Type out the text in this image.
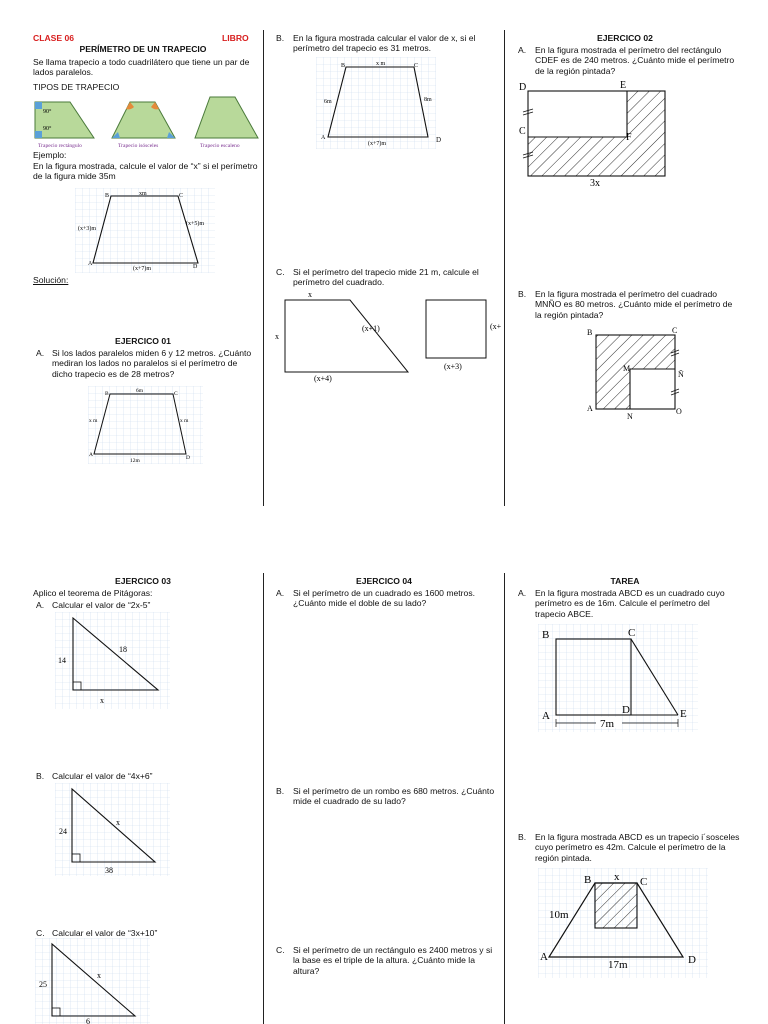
CLASE 06	LIBRO
PERÍMETRO DE UN TRAPECIO
Se llama trapecio a todo cuadrilátero que tiene un par de lados paralelos.
TIPOS DE TRAPECIO
90°
90°
Trapecio rectángulo	Trapecio isósceles	Trapecio escaleno
Ejemplo:
En la figura mostrada, calcule el valor de “x” si el perímetro de la figura mide 35m
B	C
A	D
xm
(x+3)m
(x+5)m
(x+7)m
Solución:
EJERCICO 01
A. Si los lados paralelos miden 6 y 12 metros. ¿Cuánto mediran los lados no paralelos si el perímetro de dicho trapecio es de 28 metros?
B	C
A	D
6m
x m	x m
12m
B. En la figura mostrada calcular el valor de x, si el perímetro del trapecio es 31 metros.
B	C
A
x m
6m	8m
(x+7)m	D
C. Si el perímetro del trapecio mide 21 m, calcule el perímetro del cuadrado.
x
x
(x+1)
(x+4)
(x+3)
(x+
EJERCICO 02
A. En la figura mostrada el perímetro del rectángulo CDEF es de 240 metros. ¿Cuánto mide el perímetro de la región pintada?
D	E
C
F
3x
B. En la figura mostrada el perímetro del cuadrado MNÑO es 80 metros. ¿Cuánto mide el perímetro de la región pintada?
B	C
M
Ñ
A
N
O
EJERCICO 03
Aplico el teorema de Pitágoras:
A. Calcular el valor de “2x-5”
14
18
x
B. Calcular el valor de “4x+6”
24
x
38
C. Calcular el valor de “3x+10”
25
x
6
EJERCICO 04
A. Si el perímetro de un cuadrado es 1600 metros. ¿Cuánto mide el doble de su lado?
B. Si el perímetro de un rombo es 680 metros. ¿Cuánto mide el cuadrado de su lado?
C. Si el perímetro de un rectángulo es 2400 metros y si la base es el triple de la altura. ¿Cuánto mide la altura?
TAREA
A. En la figura mostrada ABCD es un cuadrado cuyo perímetro es de 16m. Calcule el perímetro del trapecio ABCE.
B	C
A	D	E
7m
B. En la figura mostrada ABCD es un trapecio i´sosceles cuyo perímetro es 42m. Calcule el perímetro de la región pintada.
B x C
10m
A
17m	D
